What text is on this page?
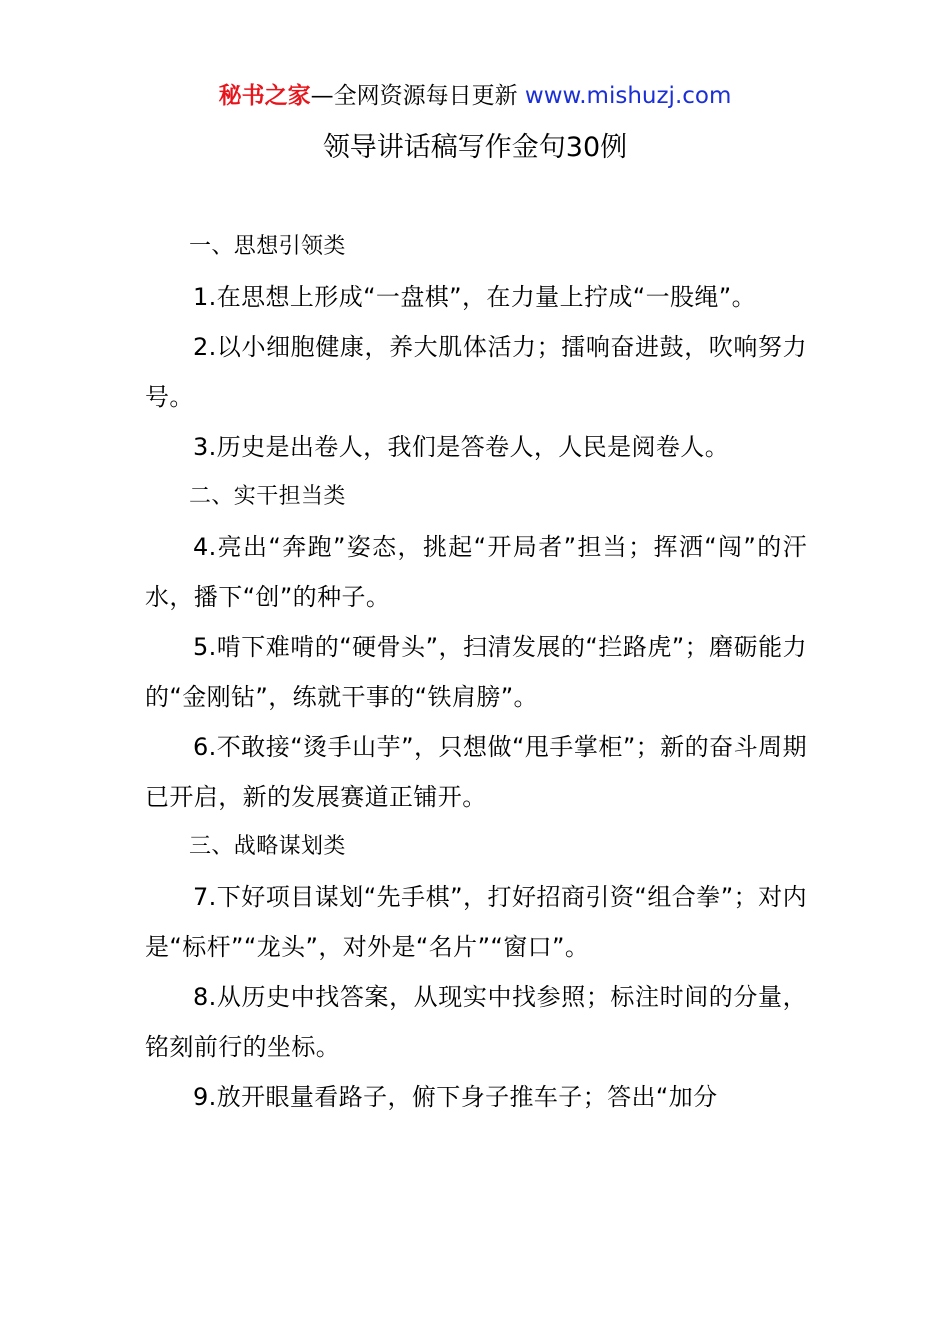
秘书之家—全网资源每日更新 www.mishuzj.com
领导讲话稿写作金句30例

一、思想引领类

1.在思想上形成“一盘棋”，在力量上拧成“一股绳”。

2.以小细胞健康，养大肌体活力；擂响奋进鼓，吹响努力号。

3.历史是出卷人，我们是答卷人，人民是阅卷人。

二、实干担当类

4.亮出“奔跑”姿态，挑起“开局者”担当；挥洒“闯”的汗水，播下“创”的种子。

5.啃下难啃的“硬骨头”，扫清发展的“拦路虎”；磨砺能力的“金刚钻”，练就干事的“铁肩膀”。

6.不敢接“烫手山芋”，只想做“甩手掌柜”；新的奋斗周期已开启，新的发展赛道正铺开。

三、战略谋划类

7.下好项目谋划“先手棋”，打好招商引资“组合拳”；对内是“标杆”“龙头”，对外是“名片”“窗口”。

8.从历史中找答案，从现实中找参照；标注时间的分量，铭刻前行的坐标。

9.放开眼量看路子，俯下身子推车子；答出“加分
